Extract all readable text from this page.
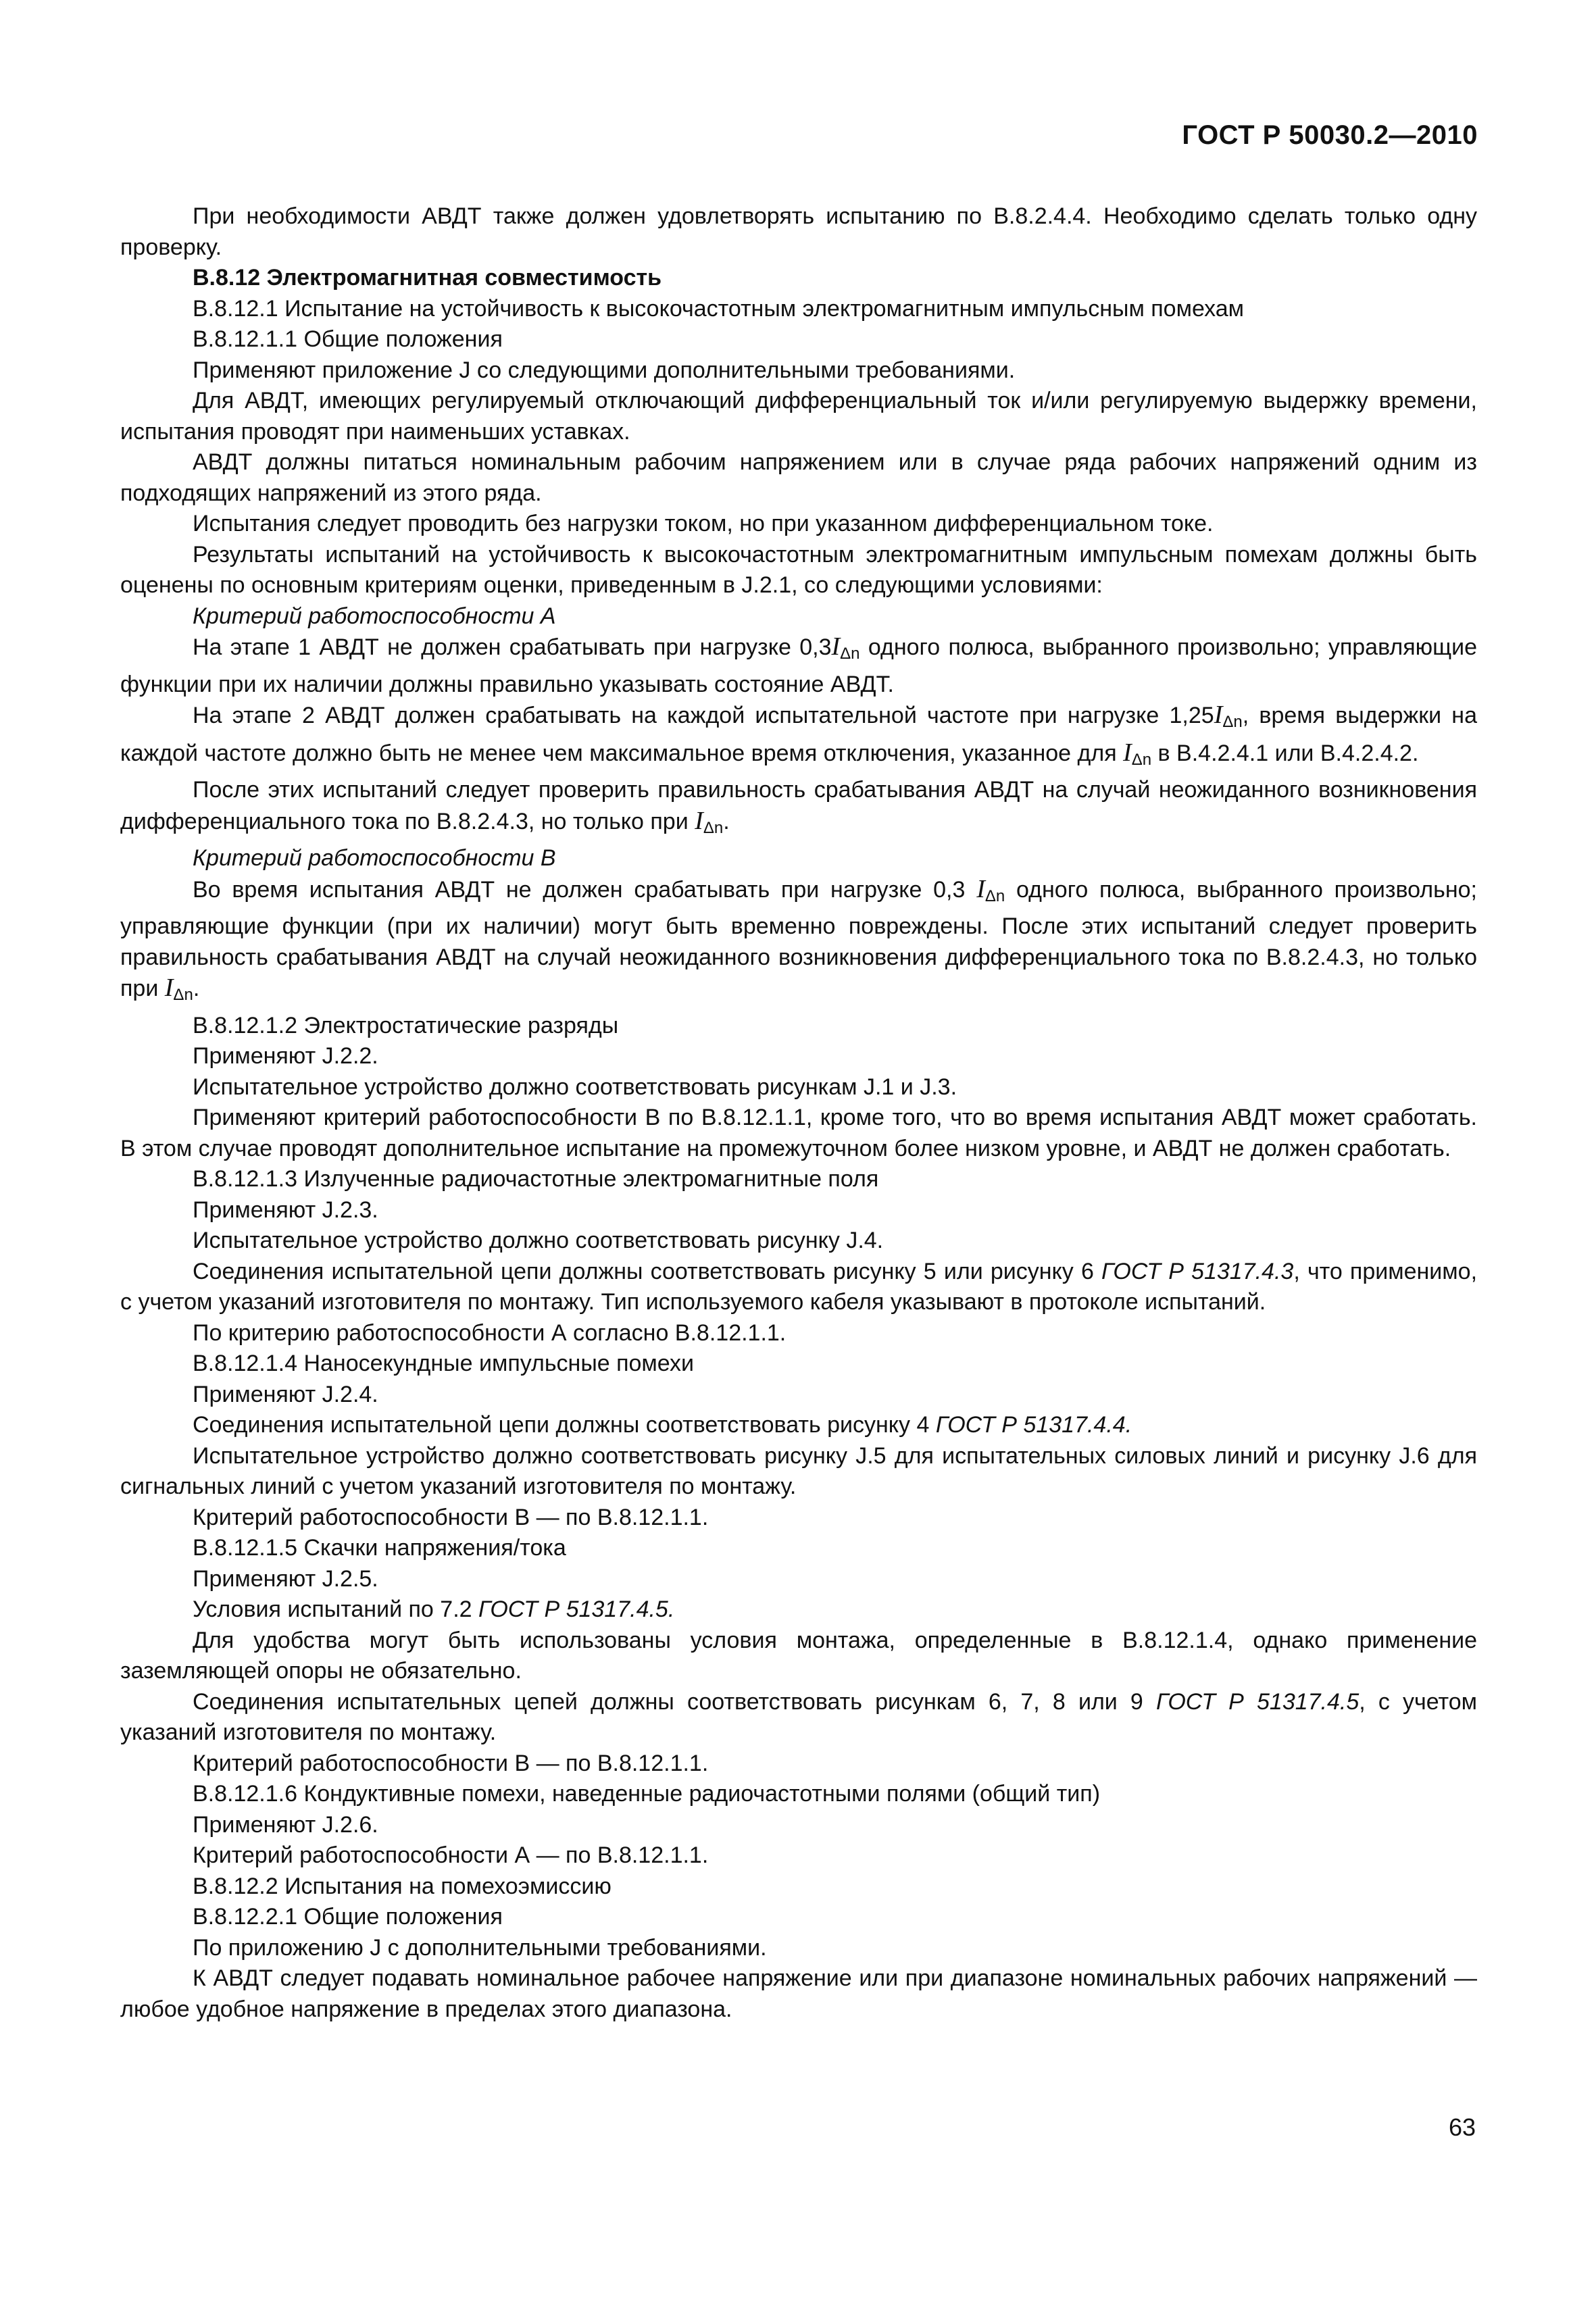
ГОСТ Р 50030.2—2010

При необходимости АВДТ также должен удовлетворять испытанию по B.8.2.4.4. Необходимо сделать только одну проверку.

B.8.12 Электромагнитная совместимость

B.8.12.1 Испытание на устойчивость к высокочастотным электромагнитным импульсным помехам

B.8.12.1.1 Общие положения

Применяют приложение J со следующими дополнительными требованиями.

Для АВДТ, имеющих регулируемый отключающий дифференциальный ток и/или регулируемую выдержку времени, испытания проводят при наименьших уставках.

АВДТ должны питаться номинальным рабочим напряжением или в случае ряда рабочих напряжений одним из подходящих напряжений из этого ряда.

Испытания следует проводить без нагрузки током, но при указанном дифференциальном токе.

Результаты испытаний на устойчивость к высокочастотным электромагнитным импульсным помехам должны быть оценены по основным критериям оценки, приведенным в J.2.1, со следующими условиями:

Критерий работоспособности А

На этапе 1 АВДТ не должен срабатывать при нагрузке $0,3I_{\Delta n}$ одного полюса, выбранного произвольно; управляющие функции при их наличии должны правильно указывать состояние АВДТ.

На этапе 2 АВДТ должен срабатывать на каждой испытательной частоте при нагрузке $1,25I_{\Delta n}$, время выдержки на каждой частоте должно быть не менее чем максимальное время отключения, указанное для $I_{\Delta n}$ в B.4.2.4.1 или B.4.2.4.2.

После этих испытаний следует проверить правильность срабатывания АВДТ на случай неожиданного возникновения дифференциального тока по B.8.2.4.3, но только при $I_{\Delta n}$.

Критерий работоспособности В

Во время испытания АВДТ не должен срабатывать при нагрузке 0,3 $I_{\Delta n}$ одного полюса, выбранного произвольно; управляющие функции (при их наличии) могут быть временно повреждены. После этих испытаний следует проверить правильность срабатывания АВДТ на случай неожиданного возникновения дифференциального тока по B.8.2.4.3, но только при $I_{\Delta n}$.

B.8.12.1.2 Электростатические разряды

Применяют J.2.2.

Испытательное устройство должно соответствовать рисункам J.1 и J.3.

Применяют критерий работоспособности В по B.8.12.1.1, кроме того, что во время испытания АВДТ может сработать. В этом случае проводят дополнительное испытание на промежуточном более низком уровне, и АВДТ не должен сработать.

B.8.12.1.3 Излученные радиочастотные электромагнитные поля

Применяют J.2.3.

Испытательное устройство должно соответствовать рисунку J.4.

Соединения испытательной цепи должны соответствовать рисунку 5 или рисунку 6 ГОСТ Р 51317.4.3, что применимо, с учетом указаний изготовителя по монтажу. Тип используемого кабеля указывают в протоколе испытаний.

По критерию работоспособности А согласно B.8.12.1.1.

B.8.12.1.4 Наносекундные импульсные помехи

Применяют J.2.4.

Соединения испытательной цепи должны соответствовать рисунку 4 ГОСТ Р 51317.4.4.

Испытательное устройство должно соответствовать рисунку J.5 для испытательных силовых линий и рисунку J.6 для сигнальных линий с учетом указаний изготовителя по монтажу.

Критерий работоспособности В — по B.8.12.1.1.

B.8.12.1.5 Скачки напряжения/тока

Применяют J.2.5.

Условия испытаний по 7.2 ГОСТ Р 51317.4.5.

Для удобства могут быть использованы условия монтажа, определенные в B.8.12.1.4, однако применение заземляющей опоры не обязательно.

Соединения испытательных цепей должны соответствовать рисункам 6, 7, 8 или 9 ГОСТ Р 51317.4.5, с учетом указаний изготовителя по монтажу.

Критерий работоспособности В — по B.8.12.1.1.

B.8.12.1.6 Кондуктивные помехи, наведенные радиочастотными полями (общий тип)

Применяют J.2.6.

Критерий работоспособности А — по B.8.12.1.1.

B.8.12.2 Испытания на помехоэмиссию

B.8.12.2.1 Общие положения

По приложению J с дополнительными требованиями.

К АВДТ следует подавать номинальное рабочее напряжение или при диапазоне номинальных рабочих напряжений — любое удобное напряжение в пределах этого диапазона.

63
